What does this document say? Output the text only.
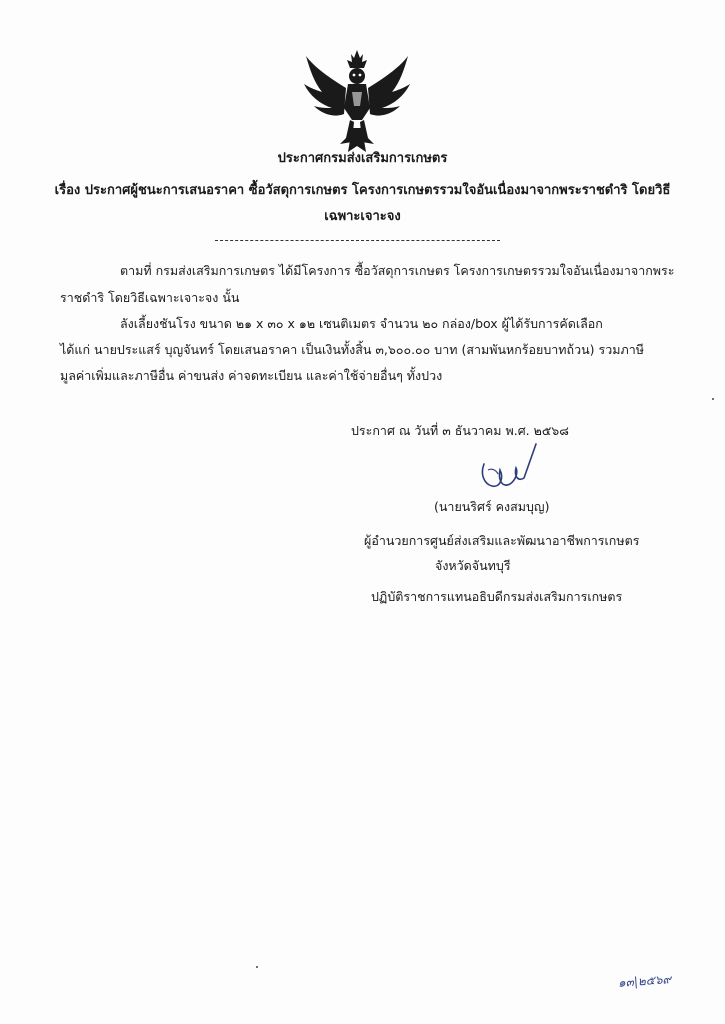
ประกาศกรมส่งเสริมการเกษตร
เรื่อง ประกาศผู้ชนะการเสนอราคา ซื้อวัสดุการเกษตร โครงการเกษตรรวมใจอันเนื่องมาจากพระราชดำริ โดยวิธี
เฉพาะเจาะจง
ตามที่ กรมส่งเสริมการเกษตร ได้มีโครงการ ซื้อวัสดุการเกษตร โครงการเกษตรรวมใจอันเนื่องมาจากพระ
ราชดำริ โดยวิธีเฉพาะเจาะจง นั้น
ลังเลี้ยงชันโรง ขนาด ๒๑ x ๓๐ x ๑๒ เซนติเมตร จำนวน ๒๐ กล่อง/box ผู้ได้รับการคัดเลือก
ได้แก่ นายประแสร์ บุญจันทร์ โดยเสนอราคา เป็นเงินทั้งสิ้น ๓,๖๐๐.๐๐ บาท (สามพันหกร้อยบาทถ้วน) รวมภาษี
มูลค่าเพิ่มและภาษีอื่น ค่าขนส่ง ค่าจดทะเบียน และค่าใช้จ่ายอื่นๆ ทั้งปวง
ประกาศ ณ วันที่ ๓ ธันวาคม พ.ศ. ๒๕๖๘
(นายนริศร์ คงสมบุญ)
ผู้อำนวยการศูนย์ส่งเสริมและพัฒนาอาชีพการเกษตร
จังหวัดจันทบุรี
ปฏิบัติราชการแทนอธิบดีกรมส่งเสริมการเกษตร
๑๓|๒๕๖๙
